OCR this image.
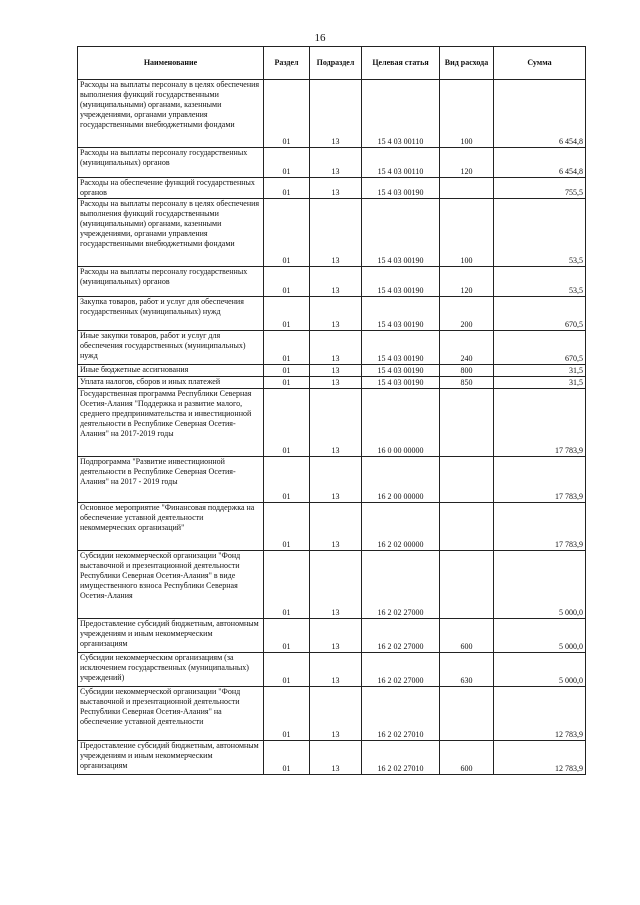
16
Наименование	Раздел	Подраздел	Целевая статья	Вид расхода	Сумма
Расходы на выплаты персоналу в целях обеспечения выполнения функций государственными (муниципальными) органами, казенными учреждениями, органами управления государственными внебюджетными фондами	01	13	15 4 03 00110	100	6 454,8
Расходы на выплаты персоналу государственных (муниципальных) органов	01	13	15 4 03 00110	120	6 454,8
Расходы на обеспечение функций государственных органов	01	13	15 4 03 00190		755,5
Расходы на выплаты персоналу в целях обеспечения выполнения функций государственными (муниципальными) органами, казенными учреждениями, органами управления государственными внебюджетными фондами	01	13	15 4 03 00190	100	53,5
Расходы на выплаты персоналу государственных (муниципальных) органов	01	13	15 4 03 00190	120	53,5
Закупка товаров, работ и услуг для обеспечения государственных (муниципальных) нужд	01	13	15 4 03 00190	200	670,5
Иные закупки товаров, работ и услуг для обеспечения государственных (муниципальных) нужд	01	13	15 4 03 00190	240	670,5
Иные бюджетные ассигнования	01	13	15 4 03 00190	800	31,5
Уплата налогов, сборов и иных платежей	01	13	15 4 03 00190	850	31,5
Государственная программа Республики Северная Осетия-Алания "Поддержка и развитие малого, среднего предпринимательства и инвестиционной деятельности в Республике Северная Осетия-Алания" на 2017-2019 годы	01	13	16 0 00 00000		17 783,9
Подпрограмма "Развитие инвестиционной деятельности в Республике Северная Осетия-Алания" на 2017 - 2019 годы	01	13	16 2 00 00000		17 783,9
Основное мероприятие "Финансовая поддержка на обеспечение уставной деятельности некоммерческих организаций"	01	13	16 2 02 00000		17 783,9
Субсидии некоммерческой организации "Фонд выставочной и презентационной деятельности Республики Северная Осетия-Алания" в виде имущественного взноса Республики Северная Осетия-Алания	01	13	16 2 02 27000		5 000,0
Предоставление субсидий бюджетным, автономным учреждениям и иным некоммерческим организациям	01	13	16 2 02 27000	600	5 000,0
Субсидии некоммерческим организациям (за исключением государственных (муниципальных) учреждений)	01	13	16 2 02 27000	630	5 000,0
Субсидии некоммерческой организации "Фонд выставочной и презентационной деятельности Республики Северная Осетия-Алания" на обеспечение уставной деятельности	01	13	16 2 02 27010		12 783,9
Предоставление субсидий бюджетным, автономным учреждениям и иным некоммерческим организациям	01	13	16 2 02 27010	600	12 783,9
